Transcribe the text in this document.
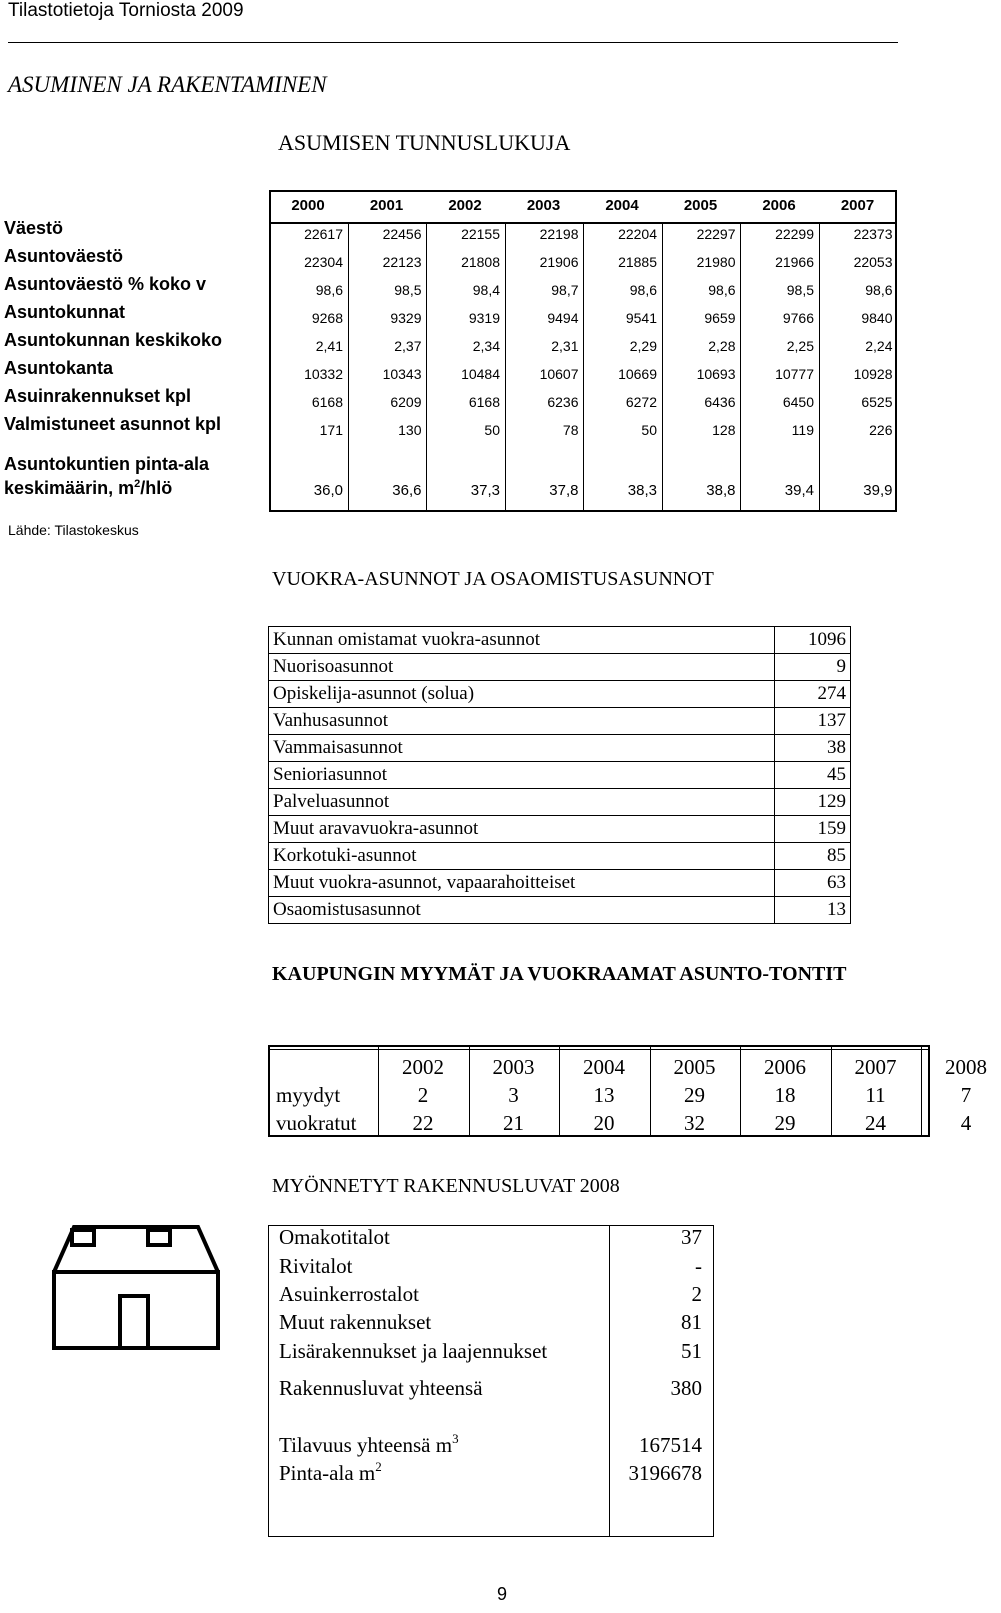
Tilastotietoja Torniosta 2009
ASUMINEN JA RAKENTAMINEN
ASUMISEN TUNNUSLUKUJA
2000	2001	2002	2003	2004	2005	2006	2007
Väestö	22617	22456	22155	22198	22204	22297	22299	22373
Asuntoväestö	22304	22123	21808	21906	21885	21980	21966	22053
Asuntoväestö % koko v	98,6	98,5	98,4	98,7	98,6	98,6	98,5	98,6
Asuntokunnat	9268	9329	9319	9494	9541	9659	9766	9840
Asuntokunnan keskikoko	2,41	2,37	2,34	2,31	2,29	2,28	2,25	2,24
Asuntokanta	10332	10343	10484	10607	10669	10693	10777	10928
Asuinrakennukset kpl	6168	6209	6168	6236	6272	6436	6450	6525
Valmistuneet asunnot kpl	171	130	50	78	50	128	119	226
Asuntokuntien pinta-ala
keskimäärin, $m^2$/hlö	36,0	36,6	37,3	37,8	38,3	38,8	39,4	39,9
Lähde: Tilastokeskus
VUOKRA-ASUNNOT JA OSAOMISTUSASUNNOT
Kunnan omistamat vuokra-asunnot	1096
Nuorisoasunnot	9
Opiskelija-asunnot (solua)	274
Vanhusasunnot	137
Vammaisasunnot	38
Senioriasunnot	45
Palveluasunnot	129
Muut aravavuokra-asunnot	159
Korkotuki-asunnot	85
Muut vuokra-asunnot, vapaarahoitteiset	63
Osaomistusasunnot	13
KAUPUNGIN MYYMÄT JA VUOKRAAMAT ASUNTO-TONTIT
2002	2003	2004	2005	2006	2007	2008
myydyt	2	3	13	29	18	11	7
vuokratut	22	21	20	32	29	24	4
MYÖNNETYT RAKENNUSLUVAT 2008
Omakotitalot	37
Rivitalot	-
Asuinkerrostalot	2
Muut rakennukset	81
Lisärakennukset ja laajennukset	51
Rakennusluvat yhteensä	380
Tilavuus yhteensä $m^3$	167514
Pinta-ala $m^2$	3196678
9
